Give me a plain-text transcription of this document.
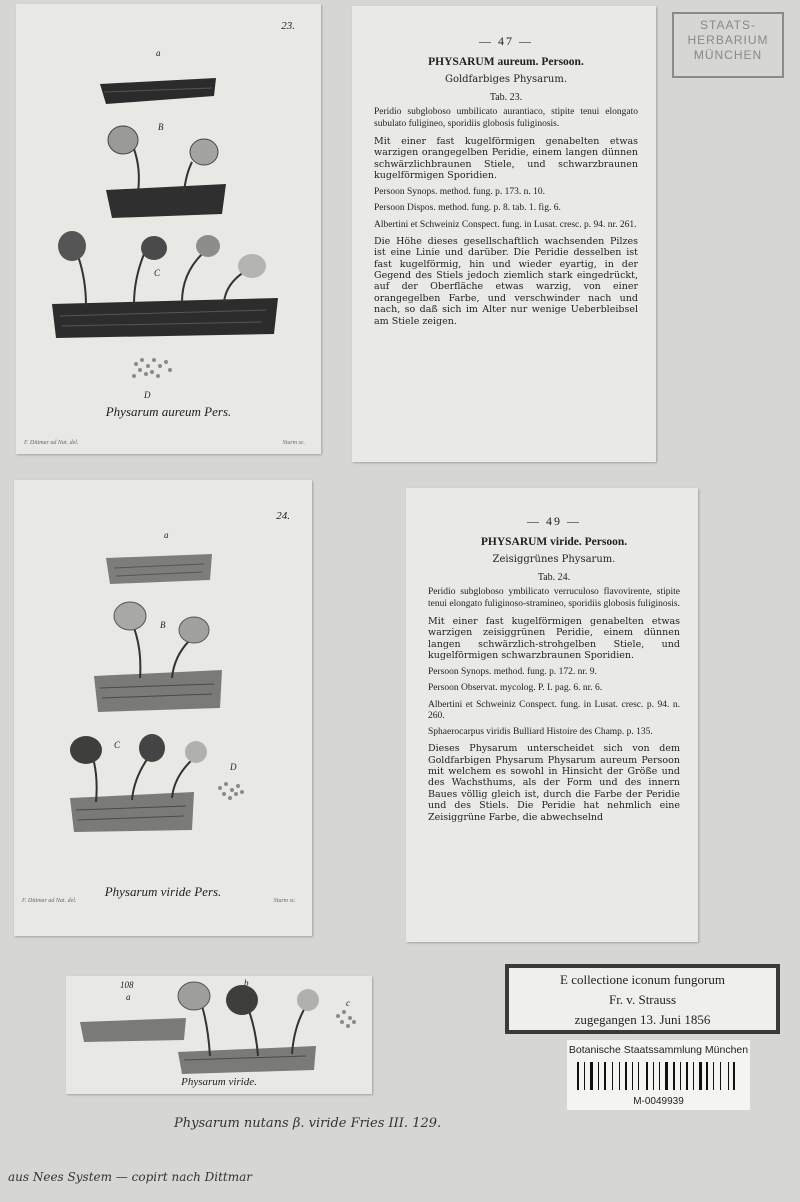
23.
a
B
C
D
Physarum aureum Pers.
F. Dittmar ad Nat. del.	Sturm sc.
— 47 —
PHYSARUM aureum. Persoon.
Goldfarbiges Physarum.
Tab. 23.

Peridio subgloboso umbilicato aurantiaco, stipite tenui elongato subulato fuligineo, sporidiis globosis fuliginosis.

Mit einer fast kugelförmigen genabelten etwas warzigen orangegelben Peridie, einem langen dünnen schwärzlichbraunen Stiele, und schwarzbraunen kugelförmigen Sporidien.

Persoon Synops. method. fung. p. 173. n. 10.
Persoon Dispos. method. fung. p. 8. tab. 1. fig. 6.
Albertini et Schweiniz Conspect. fung. in Lusat. cresc. p. 94. nr. 261.

Die Höhe dieses gesellschaftlich wachsenden Pilzes ist eine Linie und darüber. Die Peridie desselben ist fast kugelförmig, hin und wieder eyartig, in der Gegend des Stiels jedoch ziemlich stark eingedrückt, auf der Oberfläche etwas warzig, von einer orangegelben Farbe, und verschwinder nach und nach, so daß sich im Alter nur wenige Ueberbleibsel am Stiele zeigen.

STAATS-
HERBARIUM
MÜNCHEN
24.
a
B
C
D
Physarum viride Pers.
F. Dittmar ad Nat. del.	Sturm sc.
— 49 —
PHYSARUM viride. Persoon.
Zeisiggrünes Physarum.
Tab. 24.

Peridio subgloboso ymbilicato verruculoso flavovirente, stipite tenui elongato fuliginoso-stramineo, sporidiis globosis fuliginosis.

Mit einer fast kugelförmigen genabelten etwas warzigen zeisiggrünen Peridie, einem dünnen langen schwärzlich-strohgelben Stiele, und kugelförmigen schwarzbraunen Sporidien.

Persoon Synops. method. fung. p. 172. nr. 9.
Persoon Observat. mycolog. P. I. pag. 6. nr. 6.
Albertini et Schweiniz Conspect. fung. in Lusat. cresc. p. 94. n. 260.
Sphaerocarpus viridis Bulliard Histoire des Champ. p. 135.

Dieses Physarum unterscheidet sich von dem Goldfarbigen Physarum Physarum aureum Persoon mit welchem es sowohl in Hinsicht der Größe und des Wachsthums, als der Form und des innern Baues völlig gleich ist, durch die Farbe der Peridie und des Stiels. Die Peridie hat nehmlich eine Zeisiggrüne Farbe, die abwechselnd

108
a
b
c
Physarum viride.
E collectione iconum fungorum
Fr. v. Strauss
zugegangen 13. Juni 1856
Botanische Staatssammlung München
M-0049939
Physarum nutans β. viride Fries III. 129.
aus Nees System — copirt nach Dittmar
